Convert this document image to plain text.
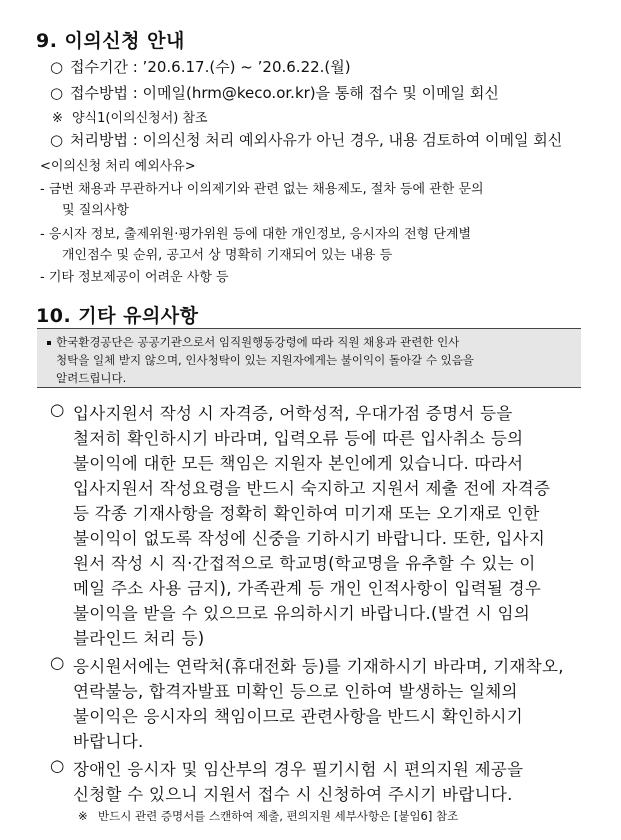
9. 이의신청 안내
○ 접수기간 : ’20.6.17.(수) ~ ’20.6.22.(월)
○ 접수방법 : 이메일(hrm@keco.or.kr)을 통해 접수 및 이메일 회신
※ 양식1(이의신청서) 참조
○ 처리방법 : 이의신청 처리 예외사유가 아닌 경우, 내용 검토하여 이메일 회신
<이의신청 처리 예외사유>
- 금번 채용과 무관하거나 이의제기와 관련 없는 채용제도, 절차 등에 관한 문의
및 질의사항
- 응시자 정보, 출제위원·평가위원 등에 대한 개인정보, 응시자의 전형 단계별
개인점수 및 순위, 공고서 상 명확히 기재되어 있는 내용 등
- 기타 정보제공이 어려운 사항 등
10. 기타 유의사항
한국환경공단은 공공기관으로서 임직원행동강령에 따라 직원 채용과 관련한 인사
청탁을 일체 받지 않으며, 인사청탁이 있는 지원자에게는 불이익이 돌아갈 수 있음을
알려드립니다.
○ 입사지원서 작성 시 자격증, 어학성적, 우대가점 증명서 등을
철저히 확인하시기 바라며, 입력오류 등에 따른 입사취소 등의
불이익에 대한 모든 책임은 지원자 본인에게 있습니다. 따라서
입사지원서 작성요령을 반드시 숙지하고 지원서 제출 전에 자격증
등 각종 기재사항을 정확히 확인하여 미기재 또는 오기재로 인한
불이익이 없도록 작성에 신중을 기하시기 바랍니다. 또한, 입사지
원서 작성 시 직·간접적으로 학교명(학교명을 유추할 수 있는 이
메일 주소 사용 금지), 가족관계 등 개인 인적사항이 입력될 경우
불이익을 받을 수 있으므로 유의하시기 바랍니다.(발견 시 임의
블라인드 처리 등)
○ 응시원서에는 연락처(휴대전화 등)를 기재하시기 바라며, 기재착오,
연락불능, 합격자발표 미확인 등으로 인하여 발생하는 일체의
불이익은 응시자의 책임이므로 관련사항을 반드시 확인하시기
바랍니다.
○ 장애인 응시자 및 임산부의 경우 필기시험 시 편의지원 제공을
신청할 수 있으니 지원서 접수 시 신청하여 주시기 바랍니다.
※ 반드시 관련 증명서를 스캔하여 제출, 편의지원 세부사항은 [붙임6] 참조
